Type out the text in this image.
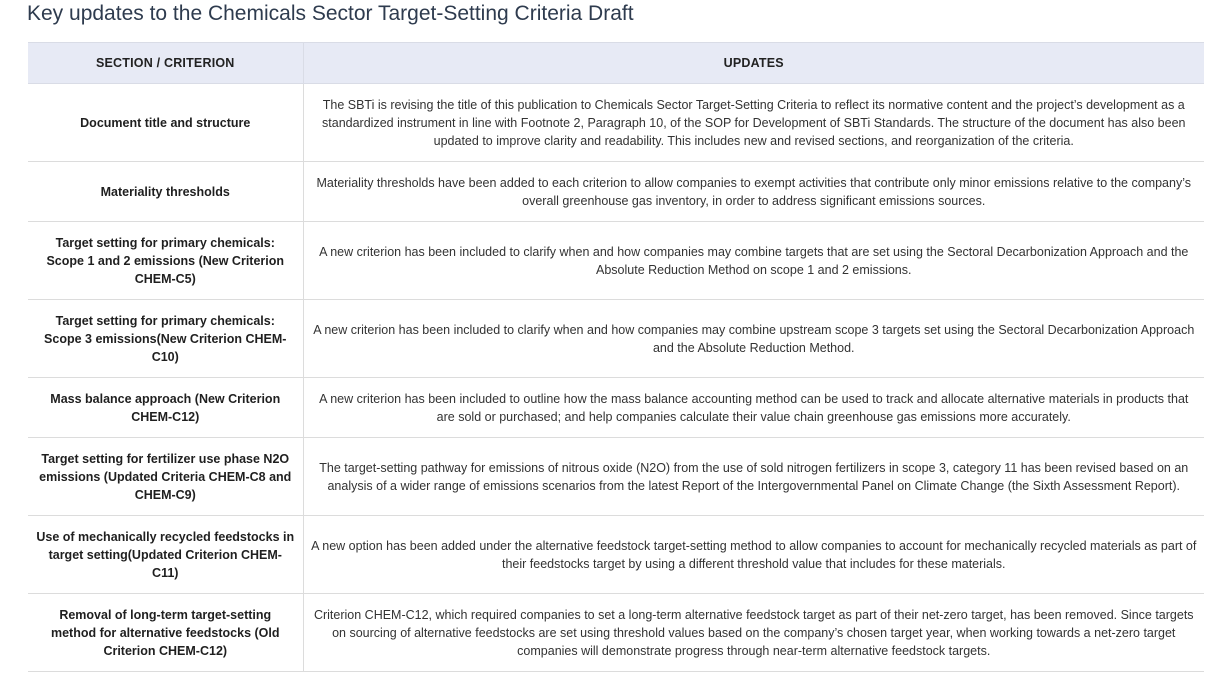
Key updates to the Chemicals Sector Target-Setting Criteria Draft
SECTION / CRITERION	UPDATES
Document title and structure	The SBTi is revising the title of this publication to Chemicals Sector Target-Setting Criteria to reflect its normative content and the project’s development as a standardized instrument in line with Footnote 2, Paragraph 10, of the SOP for Development of SBTi Standards. The structure of the document has also been updated to improve clarity and readability. This includes new and revised sections, and reorganization of the criteria.
Materiality thresholds	Materiality thresholds have been added to each criterion to allow companies to exempt activities that contribute only minor emissions relative to the company’s overall greenhouse gas inventory, in order to address significant emissions sources.
Target setting for primary chemicals: Scope 1 and 2 emissions (New Criterion CHEM-C5)	A new criterion has been included to clarify when and how companies may combine targets that are set using the Sectoral Decarbonization Approach and the Absolute Reduction Method on scope 1 and 2 emissions.
Target setting for primary chemicals: Scope 3 emissions(New Criterion CHEM-C10)	A new criterion has been included to clarify when and how companies may combine upstream scope 3 targets set using the Sectoral Decarbonization Approach and the Absolute Reduction Method.
Mass balance approach (New Criterion CHEM-C12)	A new criterion has been included to outline how the mass balance accounting method can be used to track and allocate alternative materials in products that are sold or purchased; and help companies calculate their value chain greenhouse gas emissions more accurately.
Target setting for fertilizer use phase N2O emissions (Updated Criteria CHEM-C8 and CHEM-C9)	The target-setting pathway for emissions of nitrous oxide (N2O) from the use of sold nitrogen fertilizers in scope 3, category 11 has been revised based on an analysis of a wider range of emissions scenarios from the latest Report of the Intergovernmental Panel on Climate Change (the Sixth Assessment Report).
Use of mechanically recycled feedstocks in target setting(Updated Criterion CHEM-C11)	A new option has been added under the alternative feedstock target-setting method to allow companies to account for mechanically recycled materials as part of their feedstocks target by using a different threshold value that includes for these materials.
Removal of long-term target-setting method for alternative feedstocks (Old Criterion CHEM-C12)	Criterion CHEM-C12, which required companies to set a long-term alternative feedstock target as part of their net-zero target, has been removed. Since targets on sourcing of alternative feedstocks are set using threshold values based on the company’s chosen target year, when working towards a net-zero target companies will demonstrate progress through near-term alternative feedstock targets.
